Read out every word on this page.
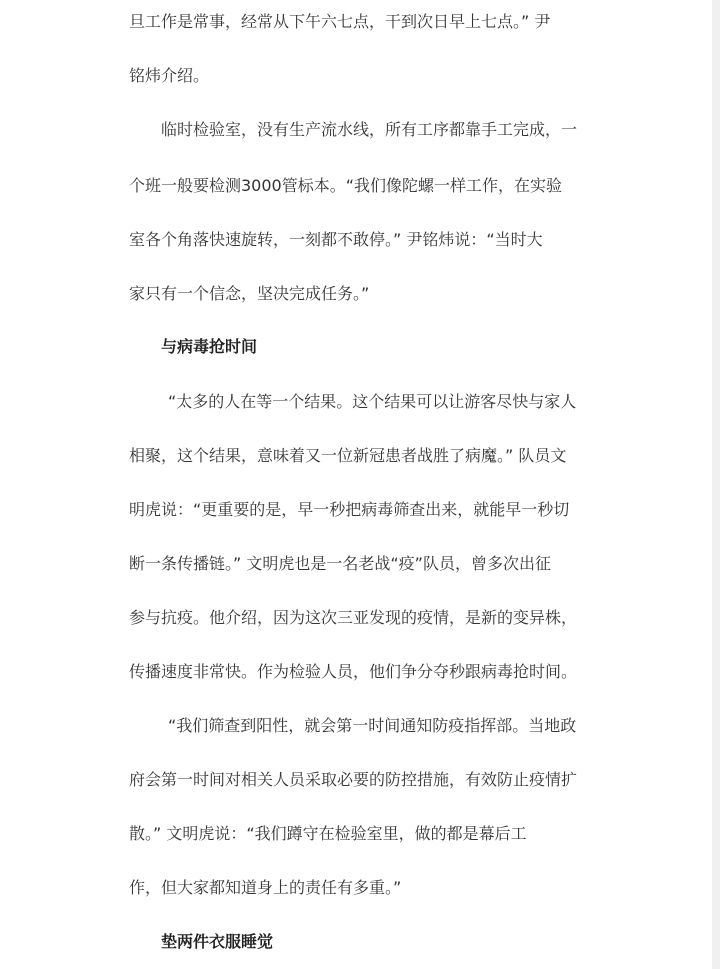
旦工作是常事，经常从下午六七点，干到次日早上七点。” 尹
铭炜介绍。
临时检验室，没有生产流水线，所有工序都靠手工完成，一
个班一般要检测3000管标本。“我们像陀螺一样工作，在实验
室各个角落快速旋转，一刻都不敢停。” 尹铭炜说：“当时大
家只有一个信念，坚决完成任务。”
与病毒抢时间
“太多的人在等一个结果。这个结果可以让游客尽快与家人
相聚，这个结果，意味着又一位新冠患者战胜了病魔。” 队员文
明虎说：“更重要的是，早一秒把病毒筛查出来，就能早一秒切
断一条传播链。” 文明虎也是一名老战“疫”队员，曾多次出征
参与抗疫。他介绍，因为这次三亚发现的疫情，是新的变异株，
传播速度非常快。作为检验人员，他们争分夺秒跟病毒抢时间。
“我们筛查到阳性，就会第一时间通知防疫指挥部。当地政
府会第一时间对相关人员采取必要的防控措施，有效防止疫情扩
散。” 文明虎说：“我们蹲守在检验室里，做的都是幕后工
作，但大家都知道身上的责任有多重。”
垫两件衣服睡觉
